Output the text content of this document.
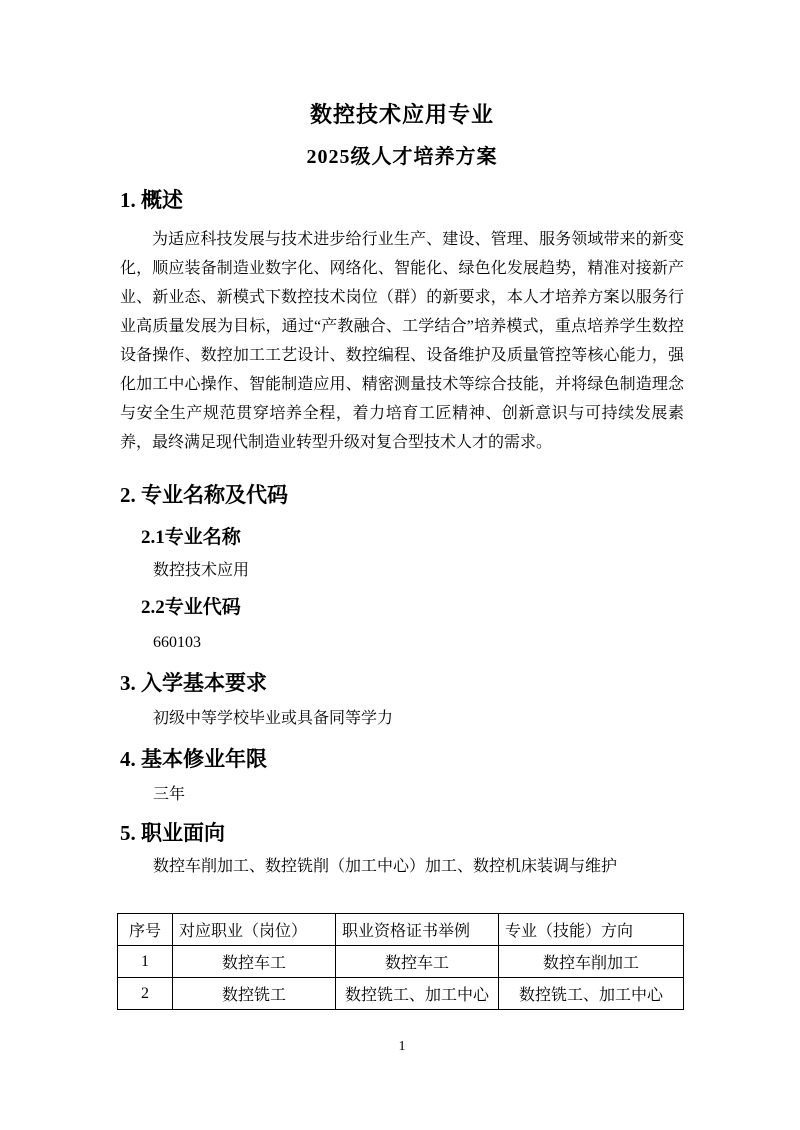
数控技术应用专业
2025级人才培养方案
1. 概述
为适应科技发展与技术进步给行业生产、建设、管理、服务领域带来的新变化，顺应装备制造业数字化、网络化、智能化、绿色化发展趋势，精准对接新产业、新业态、新模式下数控技术岗位（群）的新要求，本人才培养方案以服务行业高质量发展为目标，通过“产教融合、工学结合”培养模式，重点培养学生数控设备操作、数控加工工艺设计、数控编程、设备维护及质量管控等核心能力，强化加工中心操作、智能制造应用、精密测量技术等综合技能，并将绿色制造理念与安全生产规范贯穿培养全程，着力培育工匠精神、创新意识与可持续发展素养，最终满足现代制造业转型升级对复合型技术人才的需求。
2. 专业名称及代码
2.1专业名称
数控技术应用
2.2专业代码
660103
3. 入学基本要求
初级中等学校毕业或具备同等学力
4. 基本修业年限
三年
5. 职业面向
数控车削加工、数控铣削（加工中心）加工、数控机床装调与维护
序号	对应职业（岗位）	职业资格证书举例	专业（技能）方向
1	数控车工	数控车工	数控车削加工
2	数控铣工	数控铣工、加工中心	数控铣工、加工中心
1
